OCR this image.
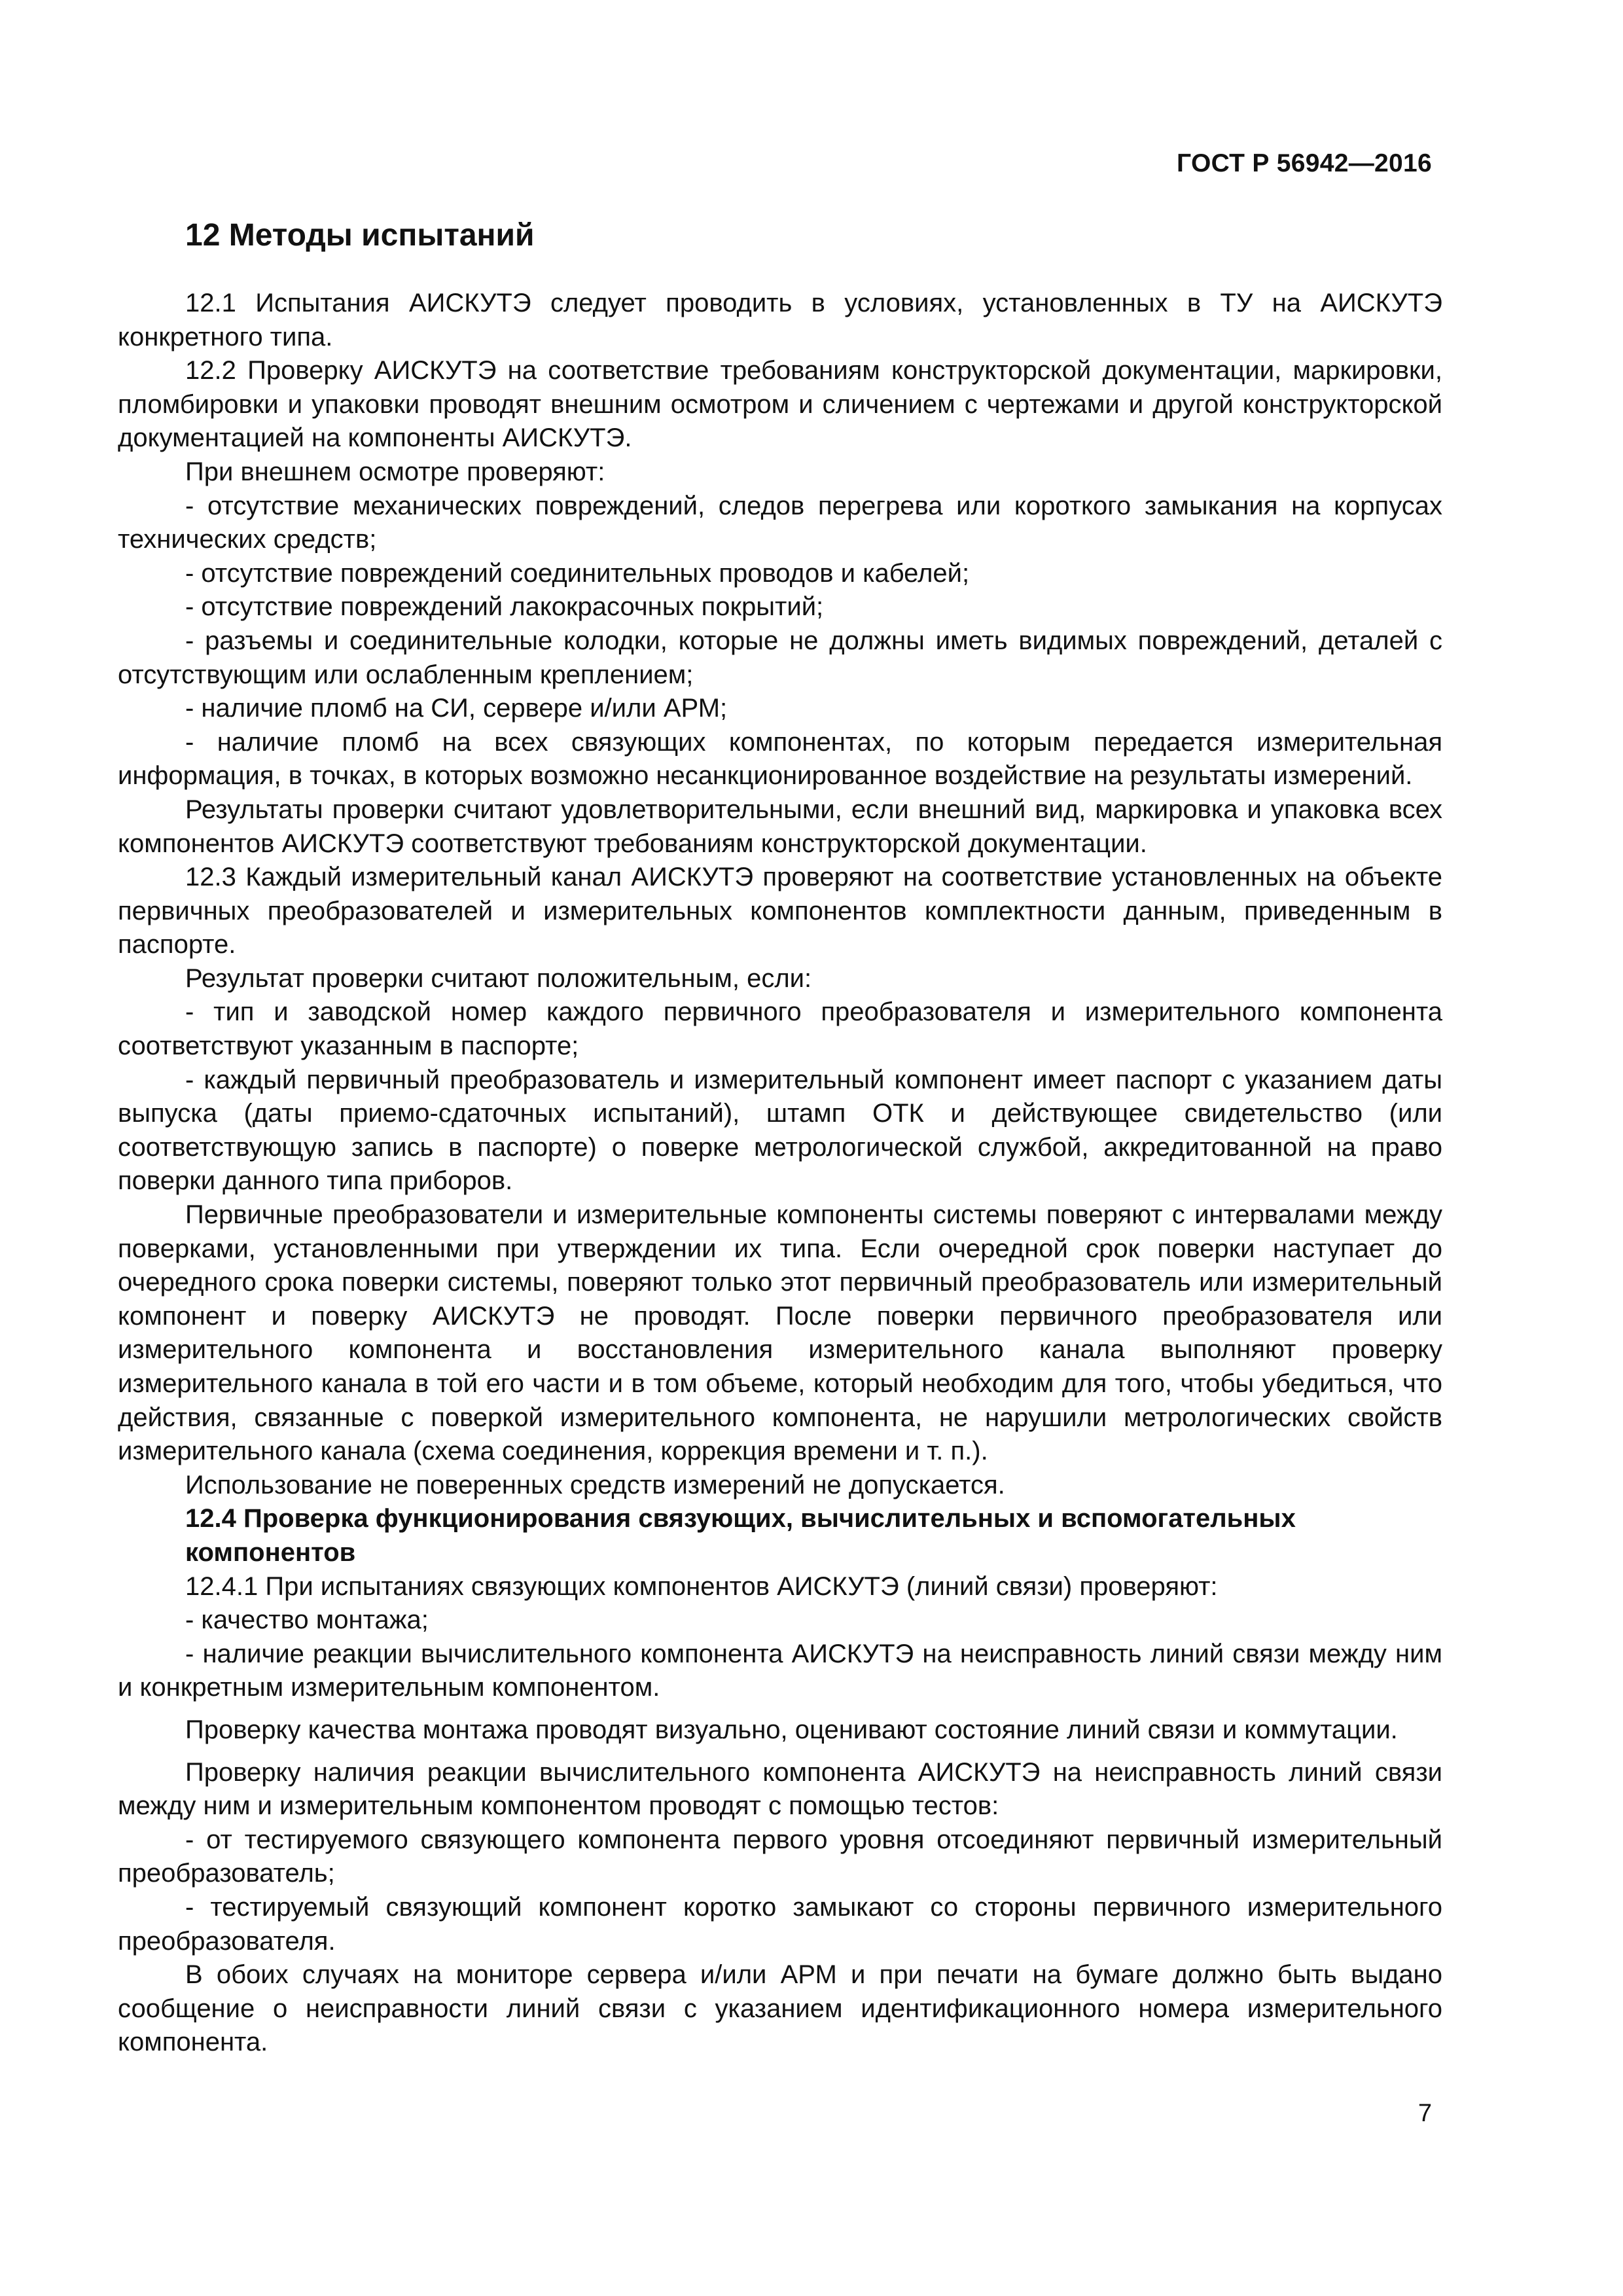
ГОСТ Р 56942—2016
12 Методы испытаний

12.1 Испытания АИСКУТЭ следует проводить в условиях, установленных в ТУ на АИСКУТЭ конкретного типа.

12.2 Проверку АИСКУТЭ на соответствие требованиям конструкторской документации, маркировки, пломбировки и упаковки проводят внешним осмотром и сличением с чертежами и другой конструкторской документацией на компоненты АИСКУТЭ.

При внешнем осмотре проверяют:

- отсутствие механических повреждений, следов перегрева или короткого замыкания на корпусах технических средств;

- отсутствие повреждений соединительных проводов и кабелей;

- отсутствие повреждений лакокрасочных покрытий;

- разъемы и соединительные колодки, которые не должны иметь видимых повреждений, деталей с отсутствующим или ослабленным креплением;

- наличие пломб на СИ, сервере и/или АРМ;

- наличие пломб на всех связующих компонентах, по которым передается измерительная информация, в точках, в которых возможно несанкционированное воздействие на результаты измерений.

Результаты проверки считают удовлетворительными, если внешний вид, маркировка и упаковка всех компонентов АИСКУТЭ соответствуют требованиям конструкторской документации.

12.3 Каждый измерительный канал АИСКУТЭ проверяют на соответствие установленных на объекте первичных преобразователей и измерительных компонентов комплектности данным, приведенным в паспорте.

Результат проверки считают положительным, если:

- тип и заводской номер каждого первичного преобразователя и измерительного компонента соответствуют указанным в паспорте;

- каждый первичный преобразователь и измерительный компонент имеет паспорт с указанием даты выпуска (даты приемо-сдаточных испытаний), штамп ОТК и действующее свидетельство (или соответствующую запись в паспорте) о поверке метрологической службой, аккредитованной на право поверки данного типа приборов.

Первичные преобразователи и измерительные компоненты системы поверяют с интервалами между поверками, установленными при утверждении их типа. Если очередной срок поверки наступает до очередного срока поверки системы, поверяют только этот первичный преобразователь или измерительный компонент и поверку АИСКУТЭ не проводят. После поверки первичного преобразователя или измерительного компонента и восстановления измерительного канала выполняют проверку измерительного канала в той его части и в том объеме, который необходим для того, чтобы убедиться, что действия, связанные с поверкой измерительного компонента, не нарушили метрологических свойств измерительного канала (схема соединения, коррекция времени и т. п.).

Использование не поверенных средств измерений не допускается.

12.4 Проверка функционирования связующих, вычислительных и вспомогательных компонентов

12.4.1 При испытаниях связующих компонентов АИСКУТЭ (линий связи) проверяют:

- качество монтажа;

- наличие реакции вычислительного компонента АИСКУТЭ на неисправность линий связи между ним и конкретным измерительным компонентом.

Проверку качества монтажа проводят визуально, оценивают состояние линий связи и коммутации.

Проверку наличия реакции вычислительного компонента АИСКУТЭ на неисправность линий связи между ним и измерительным компонентом проводят с помощью тестов:

- от тестируемого связующего компонента первого уровня отсоединяют первичный измерительный преобразователь;

- тестируемый связующий компонент коротко замыкают со стороны первичного измерительного преобразователя.

В обоих случаях на мониторе сервера и/или АРМ и при печати на бумаге должно быть выдано сообщение о неисправности линий связи с указанием идентификационного номера измерительного компонента.

7
